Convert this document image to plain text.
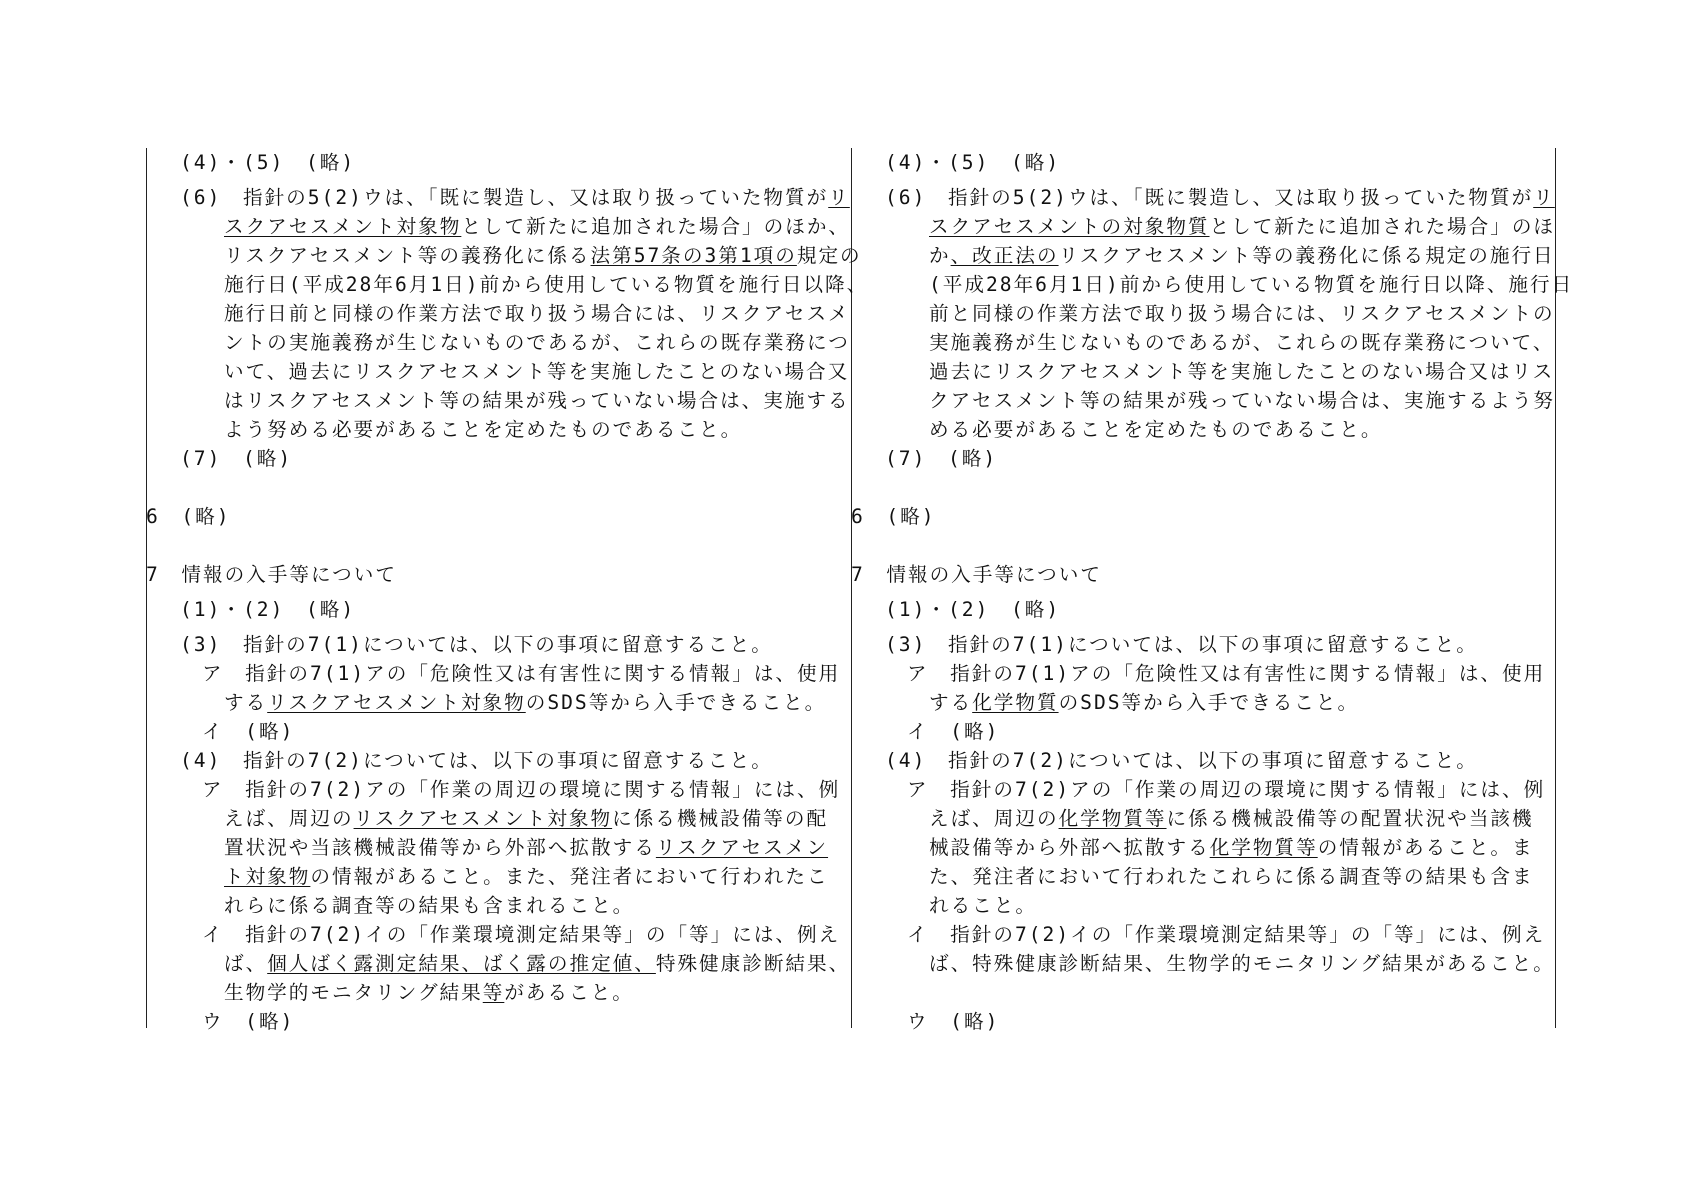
(4)・(5)　(略)
(6)　指針の5(2)ウは、「既に製造し、又は取り扱っていた物質がリ
スクアセスメント対象物として新たに追加された場合」のほか、
リスクアセスメント等の義務化に係る法第57条の3第1項の規定の
施行日(平成28年6月1日)前から使用している物質を施行日以降、
施行日前と同様の作業方法で取り扱う場合には、リスクアセスメ
ントの実施義務が生じないものであるが、これらの既存業務につ
いて、過去にリスクアセスメント等を実施したことのない場合又
はリスクアセスメント等の結果が残っていない場合は、実施する
よう努める必要があることを定めたものであること。
(7)　(略)
6　(略)
7　情報の入手等について
(1)・(2)　(略)
(3)　指針の7(1)については、以下の事項に留意すること。
ア　指針の7(1)アの「危険性又は有害性に関する情報」は、使用
するリスクアセスメント対象物のSDS等から入手できること。
イ　(略)
(4)　指針の7(2)については、以下の事項に留意すること。
ア　指針の7(2)アの「作業の周辺の環境に関する情報」には、例
えば、周辺のリスクアセスメント対象物に係る機械設備等の配
置状況や当該機械設備等から外部へ拡散するリスクアセスメン
ト対象物の情報があること。また、発注者において行われたこ
れらに係る調査等の結果も含まれること。
イ　指針の7(2)イの「作業環境測定結果等」の「等」には、例え
ば、個人ばく露測定結果、ばく露の推定値、特殊健康診断結果、
生物学的モニタリング結果等があること。
ウ　(略)
(4)・(5)　(略)
(6)　指針の5(2)ウは、「既に製造し、又は取り扱っていた物質がリ
スクアセスメントの対象物質として新たに追加された場合」のほ
か、改正法のリスクアセスメント等の義務化に係る規定の施行日
(平成28年6月1日)前から使用している物質を施行日以降、施行日
前と同様の作業方法で取り扱う場合には、リスクアセスメントの
実施義務が生じないものであるが、これらの既存業務について、
過去にリスクアセスメント等を実施したことのない場合又はリス
クアセスメント等の結果が残っていない場合は、実施するよう努
める必要があることを定めたものであること。
(7)　(略)
6　(略)
7　情報の入手等について
(1)・(2)　(略)
(3)　指針の7(1)については、以下の事項に留意すること。
ア　指針の7(1)アの「危険性又は有害性に関する情報」は、使用
する化学物質のSDS等から入手できること。
イ　(略)
(4)　指針の7(2)については、以下の事項に留意すること。
ア　指針の7(2)アの「作業の周辺の環境に関する情報」には、例
えば、周辺の化学物質等に係る機械設備等の配置状況や当該機
械設備等から外部へ拡散する化学物質等の情報があること。ま
た、発注者において行われたこれらに係る調査等の結果も含ま
れること。
イ　指針の7(2)イの「作業環境測定結果等」の「等」には、例え
ば、特殊健康診断結果、生物学的モニタリング結果があること。
ウ　(略)
